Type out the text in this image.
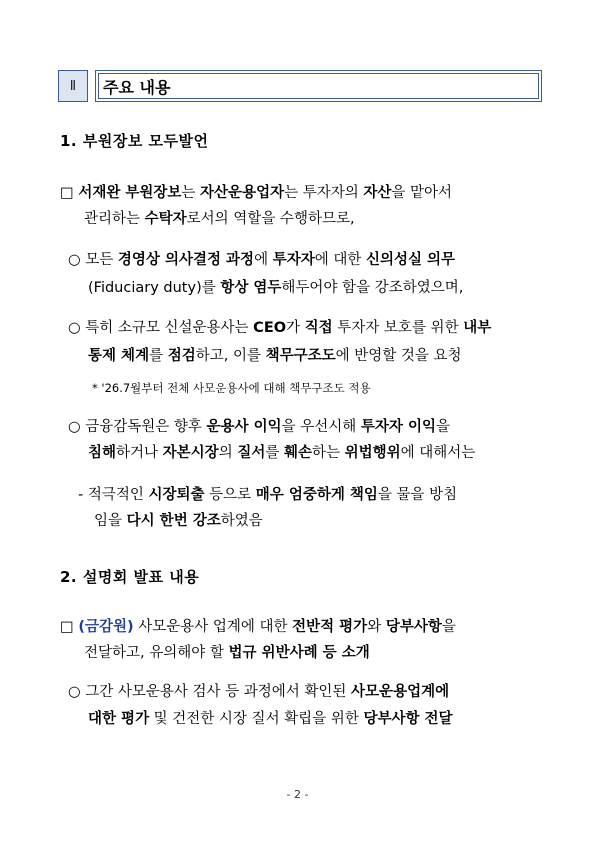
Ⅱ	주요 내용
1. 부원장보 모두발언
□ 서재완 부원장보는 자산운용업자는 투자자의 자산을 맡아서
관리하는 수탁자로서의 역할을 수행하므로,
○ 모든 경영상 의사결정 과정에 투자자에 대한 신의성실 의무
(Fiduciary duty)를 항상 염두해두어야 함을 강조하였으며,
○ 특히 소규모 신설운용사는 CEO가 직접 투자자 보호를 위한 내부
통제 체계를 점검하고, 이를 책무구조도에 반영할 것을 요청
* '26.7월부터 전체 사모운용사에 대해 책무구조도 적용
○ 금융감독원은 향후 운용사 이익을 우선시해 투자자 이익을
침해하거나 자본시장의 질서를 훼손하는 위법행위에 대해서는
- 적극적인 시장퇴출 등으로 매우 엄중하게 책임을 물을 방침
임을 다시 한번 강조하였음
2. 설명회 발표 내용
□ (금감원) 사모운용사 업계에 대한 전반적 평가와 당부사항을
전달하고, 유의해야 할 법규 위반사례 등 소개
○ 그간 사모운용사 검사 등 과정에서 확인된 사모운용업계에
대한 평가 및 건전한 시장 질서 확립을 위한 당부사항 전달
- 2 -
